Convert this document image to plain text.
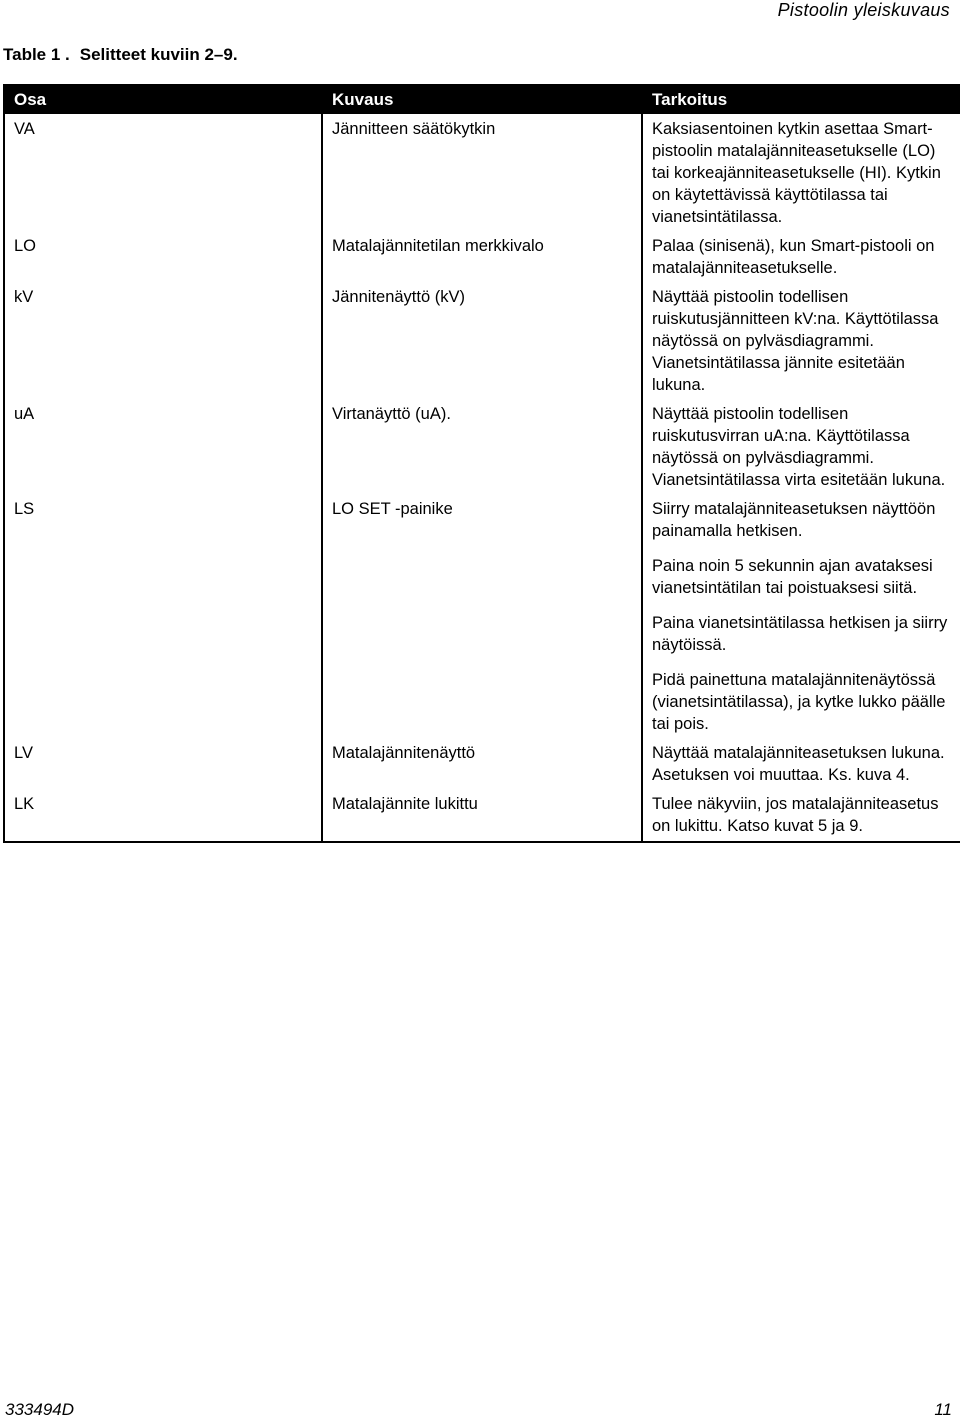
Pistoolin yleiskuvaus
Table 1 . Selitteet kuviin 2–9.
Osa	Kuvaus	Tarkoitus
VA	Jännitteen säätökytkin	Kaksiasentoinen kytkin asettaa Smart-pistoolin matalajänniteasetukselle (LO) tai korkeajänniteasetukselle (HI). Kytkin on käytettävissä käyttötilassa tai vianetsintätilassa.

LO	Matalajännitetilan merkkivalo	Palaa (sinisenä), kun Smart-pistooli on matalajänniteasetukselle.

kV	Jännitenäyttö (kV)	Näyttää pistoolin todellisen ruiskutusjännitteen kV:na. Käyttötilassa näytössä on pylväsdiagrammi. Vianetsintätilassa jännite esitetään lukuna.

uA	Virtanäyttö (uA).	Näyttää pistoolin todellisen ruiskutusvirran uA:na. Käyttötilassa näytössä on pylväsdiagrammi. Vianetsintätilassa virta esitetään lukuna.

LS	LO SET -painike	Siirry matalajänniteasetuksen näyttöön painamalla hetkisen.

Paina noin 5 sekunnin ajan avataksesi vianetsintätilan tai poistuaksesi siitä.

Paina vianetsintätilassa hetkisen ja siirry näytöissä.

Pidä painettuna matalajännitenäytössä (vianetsintätilassa), ja kytke lukko päälle tai pois.

LV	Matalajännitenäyttö	Näyttää matalajänniteasetuksen lukuna. Asetuksen voi muuttaa. Ks. kuva 4.

LK	Matalajännite lukittu	Tulee näkyviin, jos matalajänniteasetus on lukittu. Katso kuvat 5 ja 9.

333494D	11
